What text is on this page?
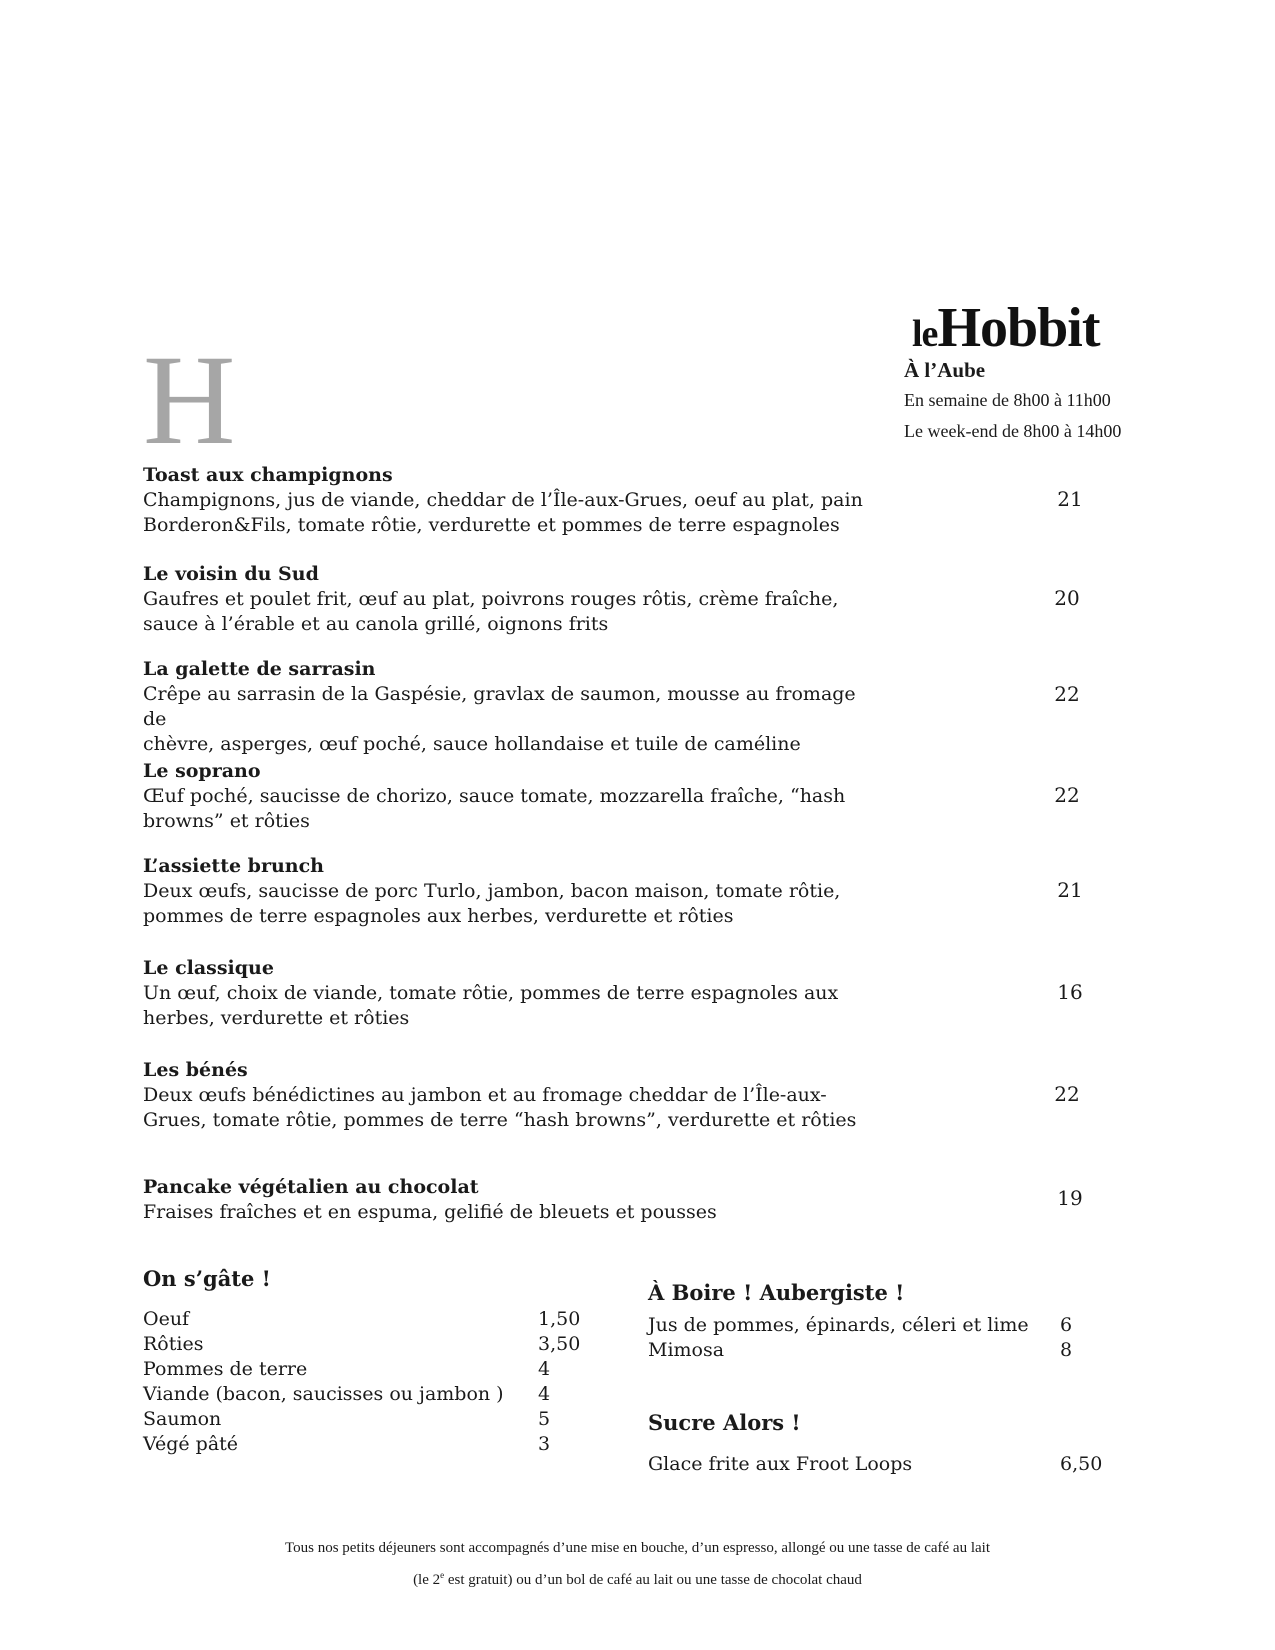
leHobbit
À l’Aube
En semaine de 8h00 à 11h00
Le week-end de 8h00 à 14h00
H
Toast aux champignons
Champignons, jus de viande, cheddar de l’Île-aux-Grues, oeuf au plat, pain
Borderon&Fils, tomate rôtie, verdurette et pommes de terre espagnoles
21
Le voisin du Sud
Gaufres et poulet frit, œuf au plat, poivrons rouges rôtis, crème fraîche,
sauce à l’érable et au canola grillé, oignons frits
20
La galette de sarrasin
Crêpe au sarrasin de la Gaspésie, gravlax de saumon, mousse au fromage de
chèvre, asperges, œuf poché, sauce hollandaise et tuile de caméline
22
Le soprano
Œuf poché, saucisse de chorizo, sauce tomate, mozzarella fraîche, “hash
browns” et rôties
22
L’assiette brunch
Deux œufs, saucisse de porc Turlo, jambon, bacon maison, tomate rôtie,
pommes de terre espagnoles aux herbes, verdurette et rôties
21
Le classique
Un œuf, choix de viande, tomate rôtie, pommes de terre espagnoles aux
herbes, verdurette et rôties
16
Les bénés
Deux œufs bénédictines au jambon et au fromage cheddar de l’Île-aux-
Grues, tomate rôtie, pommes de terre “hash browns”, verdurette et rôties
22
Pancake végétalien au chocolat
Fraises fraîches et en espuma, gelifié de bleuets et pousses
19
On s’gâte !
Oeuf
Rôties
Pommes de terre
Viande (bacon, saucisses ou jambon )
Saumon
Végé pâté
1,50
3,50
4
4
5
3
À Boire ! Aubergiste !
Jus de pommes, épinards, céleri et lime
Mimosa
6
8
Sucre Alors !
Glace frite aux Froot Loops	6,50
Tous nos petits déjeuners sont accompagnés d’une mise en bouche, d’un espresso, allongé ou une tasse de café au lait
(le 2e est gratuit) ou d’un bol de café au lait ou une tasse de chocolat chaud
